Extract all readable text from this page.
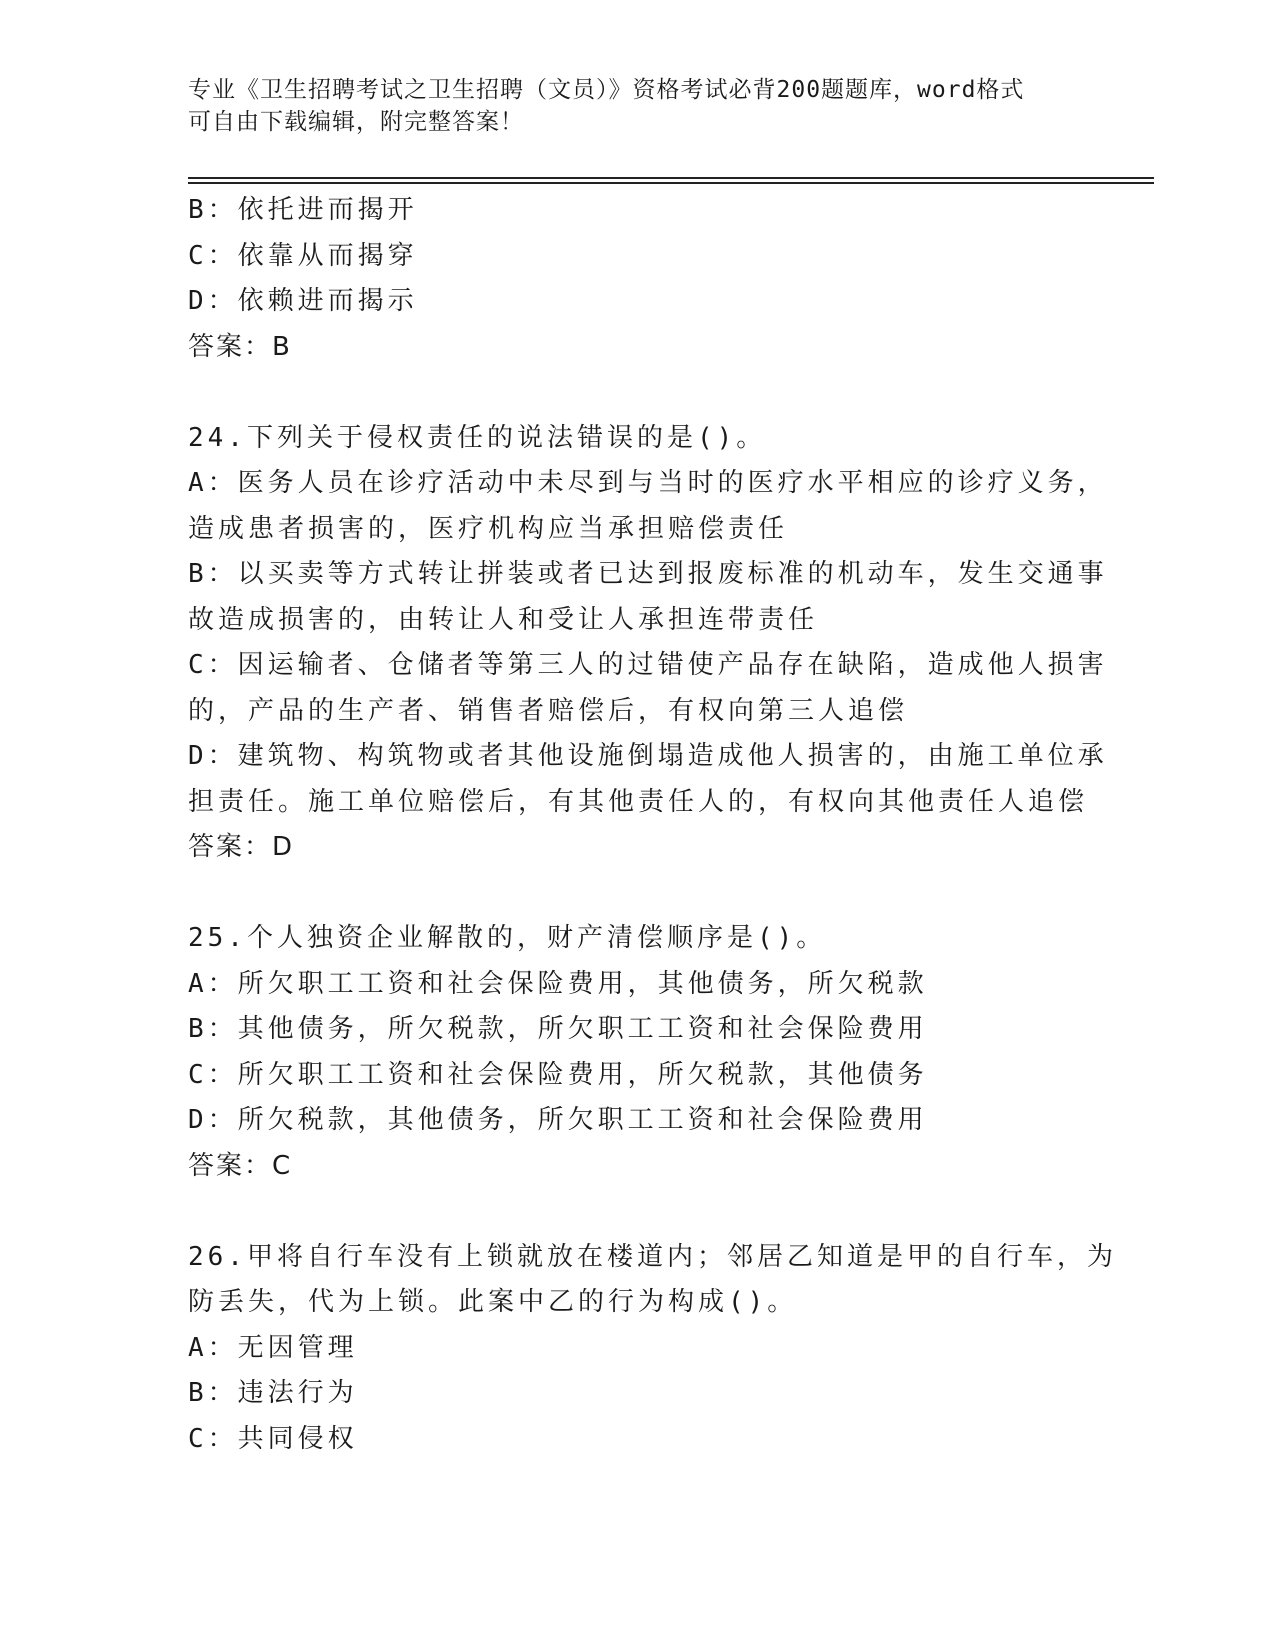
专业《卫生招聘考试之卫生招聘（文员）》资格考试必背200题题库，word格式
可自由下载编辑，附完整答案！
B：依托进而揭开
C：依靠从而揭穿
D：依赖进而揭示
答案：B
24.下列关于侵权责任的说法错误的是()。
A：医务人员在诊疗活动中未尽到与当时的医疗水平相应的诊疗义务，
造成患者损害的，医疗机构应当承担赔偿责任
B：以买卖等方式转让拼装或者已达到报废标准的机动车，发生交通事
故造成损害的，由转让人和受让人承担连带责任
C：因运输者、仓储者等第三人的过错使产品存在缺陷，造成他人损害
的，产品的生产者、销售者赔偿后，有权向第三人追偿
D：建筑物、构筑物或者其他设施倒塌造成他人损害的，由施工单位承
担责任。施工单位赔偿后，有其他责任人的，有权向其他责任人追偿
答案：D
25.个人独资企业解散的，财产清偿顺序是()。
A：所欠职工工资和社会保险费用，其他债务，所欠税款
B：其他债务，所欠税款，所欠职工工资和社会保险费用
C：所欠职工工资和社会保险费用，所欠税款，其他债务
D：所欠税款，其他债务，所欠职工工资和社会保险费用
答案：C
26.甲将自行车没有上锁就放在楼道内；邻居乙知道是甲的自行车，为
防丢失，代为上锁。此案中乙的行为构成()。
A：无因管理
B：违法行为
C：共同侵权
